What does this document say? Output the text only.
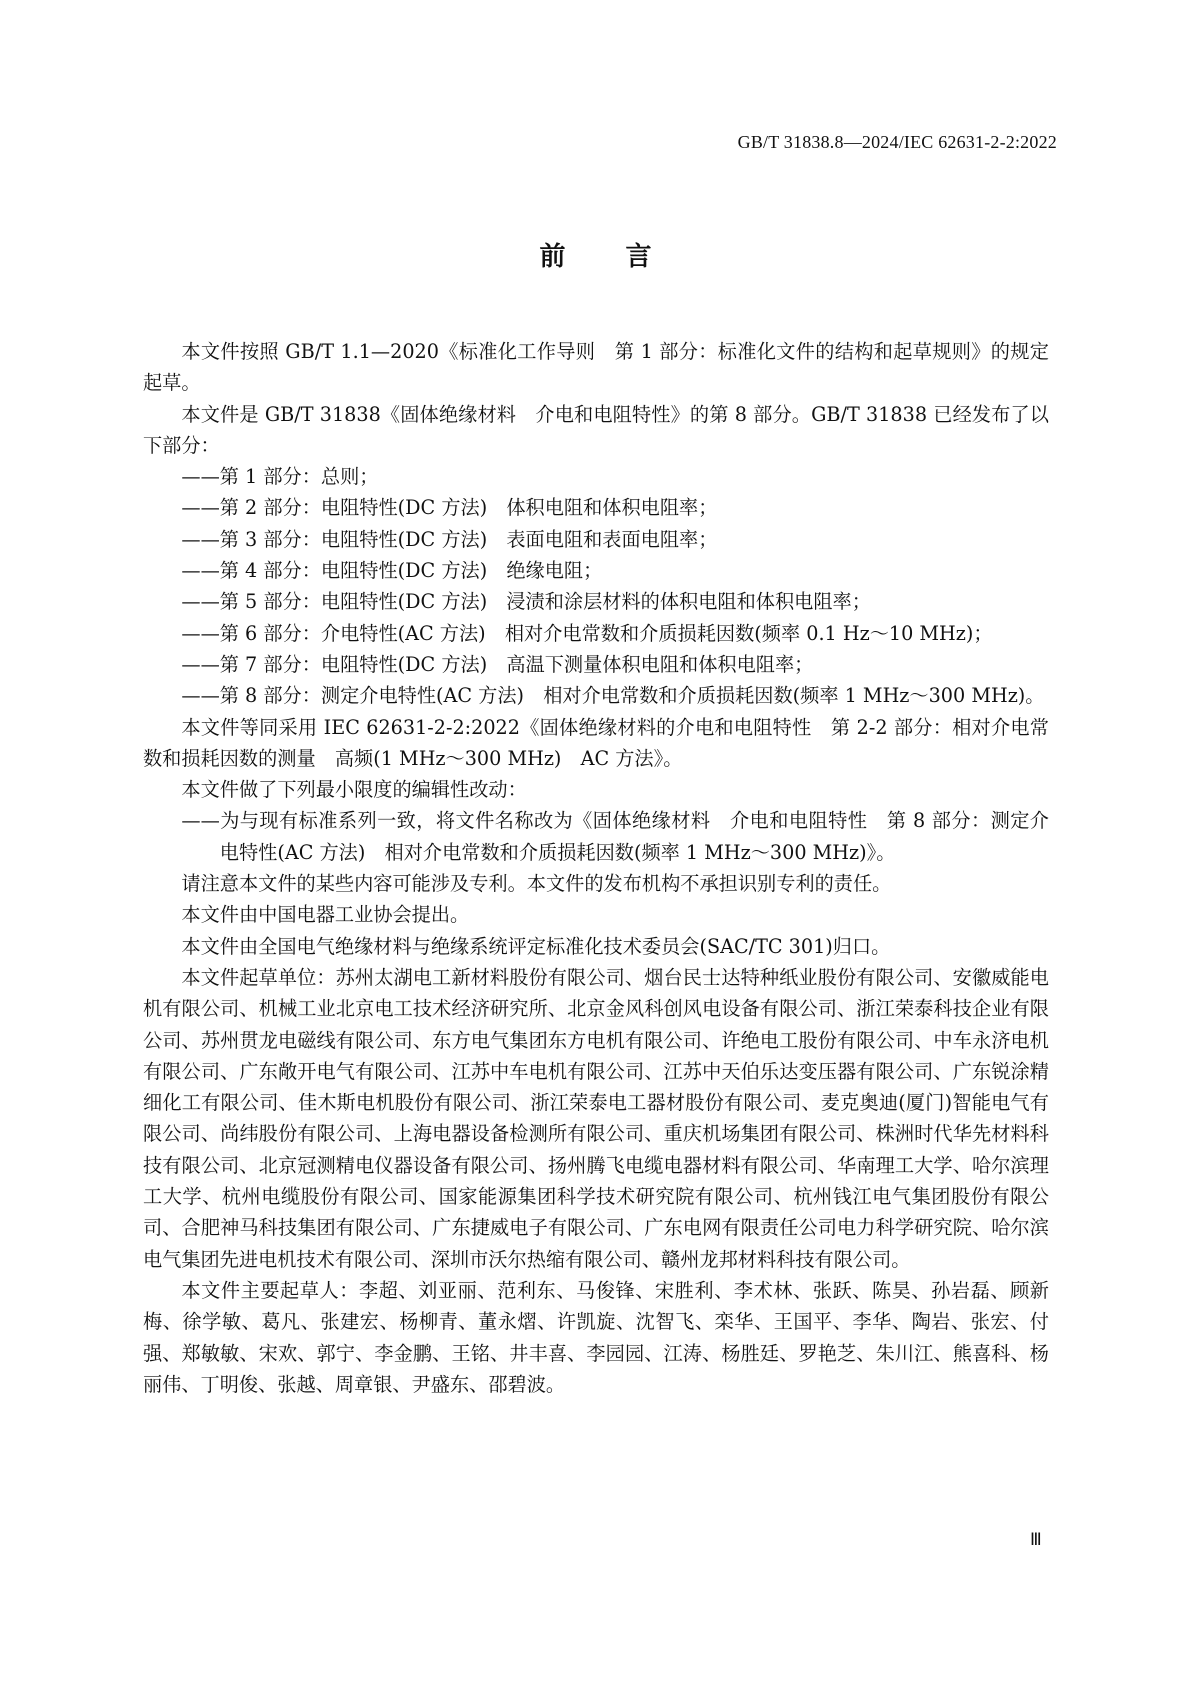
GB/T 31838.8—2024/IEC 62631-2-2:2022
前 言

本文件按照 GB/T 1.1—2020《标准化工作导则　第 1 部分：标准化文件的结构和起草规则》的规定起草。

本文件是 GB/T 31838《固体绝缘材料　介电和电阻特性》的第 8 部分。GB/T 31838 已经发布了以下部分：

——第 1 部分：总则；

——第 2 部分：电阻特性(DC 方法)　体积电阻和体积电阻率；

——第 3 部分：电阻特性(DC 方法)　表面电阻和表面电阻率；

——第 4 部分：电阻特性(DC 方法)　绝缘电阻；

——第 5 部分：电阻特性(DC 方法)　浸渍和涂层材料的体积电阻和体积电阻率；

——第 6 部分：介电特性(AC 方法)　相对介电常数和介质损耗因数(频率 0.1 Hz～10 MHz)；

——第 7 部分：电阻特性(DC 方法)　高温下测量体积电阻和体积电阻率；

——第 8 部分：测定介电特性(AC 方法)　相对介电常数和介质损耗因数(频率 1 MHz～300 MHz)。

本文件等同采用 IEC 62631-2-2:2022《固体绝缘材料的介电和电阻特性　第 2-2 部分：相对介电常数和损耗因数的测量　高频(1 MHz～300 MHz)　AC 方法》。

本文件做了下列最小限度的编辑性改动：

——为与现有标准系列一致，将文件名称改为《固体绝缘材料　介电和电阻特性　第 8 部分：测定介电特性(AC 方法)　相对介电常数和介质损耗因数(频率 1 MHz～300 MHz)》。

请注意本文件的某些内容可能涉及专利。本文件的发布机构不承担识别专利的责任。

本文件由中国电器工业协会提出。

本文件由全国电气绝缘材料与绝缘系统评定标准化技术委员会(SAC/TC 301)归口。

本文件起草单位：苏州太湖电工新材料股份有限公司、烟台民士达特种纸业股份有限公司、安徽威能电机有限公司、机械工业北京电工技术经济研究所、北京金风科创风电设备有限公司、浙江荣泰科技企业有限公司、苏州贯龙电磁线有限公司、东方电气集团东方电机有限公司、许绝电工股份有限公司、中车永济电机有限公司、广东敞开电气有限公司、江苏中车电机有限公司、江苏中天伯乐达变压器有限公司、广东锐涂精细化工有限公司、佳木斯电机股份有限公司、浙江荣泰电工器材股份有限公司、麦克奥迪(厦门)智能电气有限公司、尚纬股份有限公司、上海电器设备检测所有限公司、重庆机场集团有限公司、株洲时代华先材料科技有限公司、北京冠测精电仪器设备有限公司、扬州腾飞电缆电器材料有限公司、华南理工大学、哈尔滨理工大学、杭州电缆股份有限公司、国家能源集团科学技术研究院有限公司、杭州钱江电气集团股份有限公司、合肥神马科技集团有限公司、广东捷威电子有限公司、广东电网有限责任公司电力科学研究院、哈尔滨电气集团先进电机技术有限公司、深圳市沃尔热缩有限公司、赣州龙邦材料科技有限公司。

本文件主要起草人：李超、刘亚丽、范利东、马俊锋、宋胜利、李术林、张跃、陈昊、孙岩磊、顾新梅、徐学敏、葛凡、张建宏、杨柳青、董永熠、许凯旋、沈智飞、栾华、王国平、李华、陶岩、张宏、付强、郑敏敏、宋欢、郭宁、李金鹏、王铭、井丰喜、李园园、江涛、杨胜廷、罗艳芝、朱川江、熊喜科、杨丽伟、丁明俊、张越、周章银、尹盛东、邵碧波。

Ⅲ
